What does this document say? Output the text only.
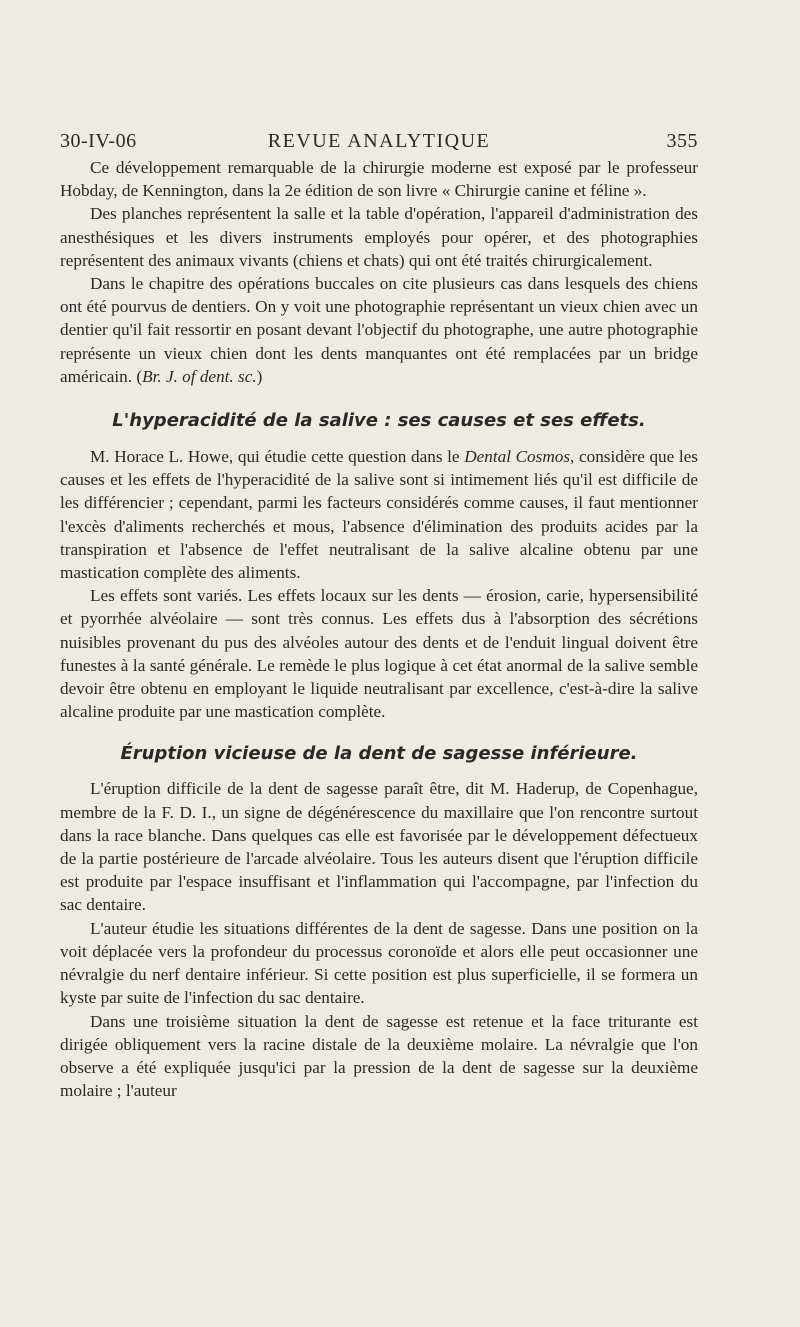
30-IV-06	REVUE ANALYTIQUE	355

Ce développement remarquable de la chirurgie moderne est exposé par le professeur Hobday, de Kennington, dans la 2e édition de son livre « Chirurgie canine et féline ».

Des planches représentent la salle et la table d'opération, l'appareil d'administration des anesthésiques et les divers instruments employés pour opérer, et des photographies représentent des animaux vivants (chiens et chats) qui ont été traités chirurgicalement.

Dans le chapitre des opérations buccales on cite plusieurs cas dans lesquels des chiens ont été pourvus de dentiers. On y voit une photographie représentant un vieux chien avec un dentier qu'il fait ressortir en posant devant l'objectif du photographe, une autre photographie représente un vieux chien dont les dents manquantes ont été remplacées par un bridge américain. (Br. J. of dent. sc.)

L'hyperacidité de la salive : ses causes et ses effets.

M. Horace L. Howe, qui étudie cette question dans le Dental Cosmos, considère que les causes et les effets de l'hyperacidité de la salive sont si intimement liés qu'il est difficile de les différencier ; cependant, parmi les facteurs considérés comme causes, il faut mentionner l'excès d'aliments recherchés et mous, l'absence d'élimination des produits acides par la transpiration et l'absence de l'effet neutralisant de la salive alcaline obtenu par une mastication complète des aliments.

Les effets sont variés. Les effets locaux sur les dents — érosion, carie, hypersensibilité et pyorrhée alvéolaire — sont très connus. Les effets dus à l'absorption des sécrétions nuisibles provenant du pus des alvéoles autour des dents et de l'enduit lingual doivent être funestes à la santé générale. Le remède le plus logique à cet état anormal de la salive semble devoir être obtenu en employant le liquide neutralisant par excellence, c'est-à-dire la salive alcaline produite par une mastication complète.

Éruption vicieuse de la dent de sagesse inférieure.

L'éruption difficile de la dent de sagesse paraît être, dit M. Haderup, de Copenhague, membre de la F. D. I., un signe de dégénérescence du maxillaire que l'on rencontre surtout dans la race blanche. Dans quelques cas elle est favorisée par le développement défectueux de la partie postérieure de l'arcade alvéolaire. Tous les auteurs disent que l'éruption difficile est produite par l'espace insuffisant et l'inflammation qui l'accompagne, par l'infection du sac dentaire.

L'auteur étudie les situations différentes de la dent de sagesse. Dans une position on la voit déplacée vers la profondeur du processus coronoïde et alors elle peut occasionner une névralgie du nerf dentaire inférieur. Si cette position est plus superficielle, il se formera un kyste par suite de l'infection du sac dentaire.

Dans une troisième situation la dent de sagesse est retenue et la face triturante est dirigée obliquement vers la racine distale de la deuxième molaire. La névralgie que l'on observe a été expliquée jusqu'ici par la pression de la dent de sagesse sur la deuxième molaire ; l'auteur
